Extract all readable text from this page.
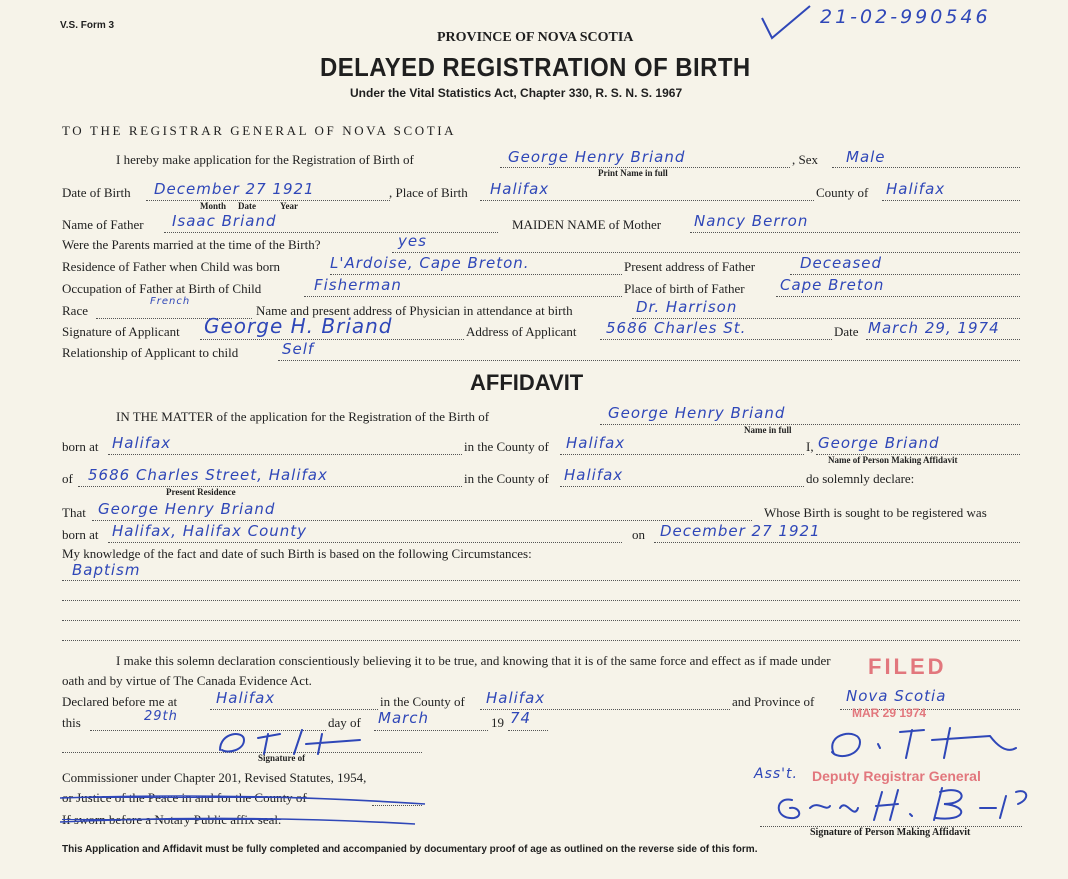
V.S. Form 3	21-02-990546
PROVINCE OF NOVA SCOTIA
DELAYED REGISTRATION OF BIRTH
Under the Vital Statistics Act, Chapter 330, R. S. N. S. 1967
TO THE REGISTRAR GENERAL OF NOVA SCOTIA
I hereby make application for the Registration of Birth of	George Henry Briand
Print Name in full
, Sex Male
Date of Birth December 27 1921
Month Date	Year
, Place of Birth Halifax	County of Halifax
Name of Father Isaac Briand	MAIDEN NAME of Mother Nancy Berron
Were the Parents married at the time of the Birth?	yes
Residence of Father when Child was born	L'Ardoise, Cape Breton.	Present address of Father	Deceased
Occupation of Father at Birth of Child	Fisherman	Place of birth of Father Cape Breton
Race
French
Name and present address of Physician in attendance at birth	Dr. Harrison
Signature of Applicant George H. Briand	Address of Applicant 5686 Charles St.	Date March 29, 1974
Relationship of Applicant to child	Self
AFFIDAVIT
IN THE MATTER of the application for the Registration of the Birth of	George Henry Briand
Name in full
born at Halifax	in the County of Halifax	I, George Briand
Name of Person Making Affidavit
of 5686 Charles Street, Halifax
Present Residence
in the County of Halifax	do solemnly declare:
That George Henry Briand	Whose Birth is sought to be registered was
born at Halifax, Halifax County	on December 27 1921
My knowledge of the fact and date of such Birth is based on the following Circumstances:
Baptism
I make this solemn declaration conscientiously believing it to be true, and knowing that it is of the same force and effect as if made under
oath and by virtue of The Canada Evidence Act.
FILED
Declared before me at	Halifax	in the County of Halifax	and Province of Nova Scotia
MAR 29 1974
this	29th	day of March	19 74
Signature of
Commissioner under Chapter 201, Revised Statutes, 1954,
or Justice of the Peace in and for the County of
If sworn before a Notary Public affix seal.
Ass't. Deputy Registrar General
Signature of Person Making Affidavit
This Application and Affidavit must be fully completed and accompanied by documentary proof of age as outlined on the reverse side of this form.
